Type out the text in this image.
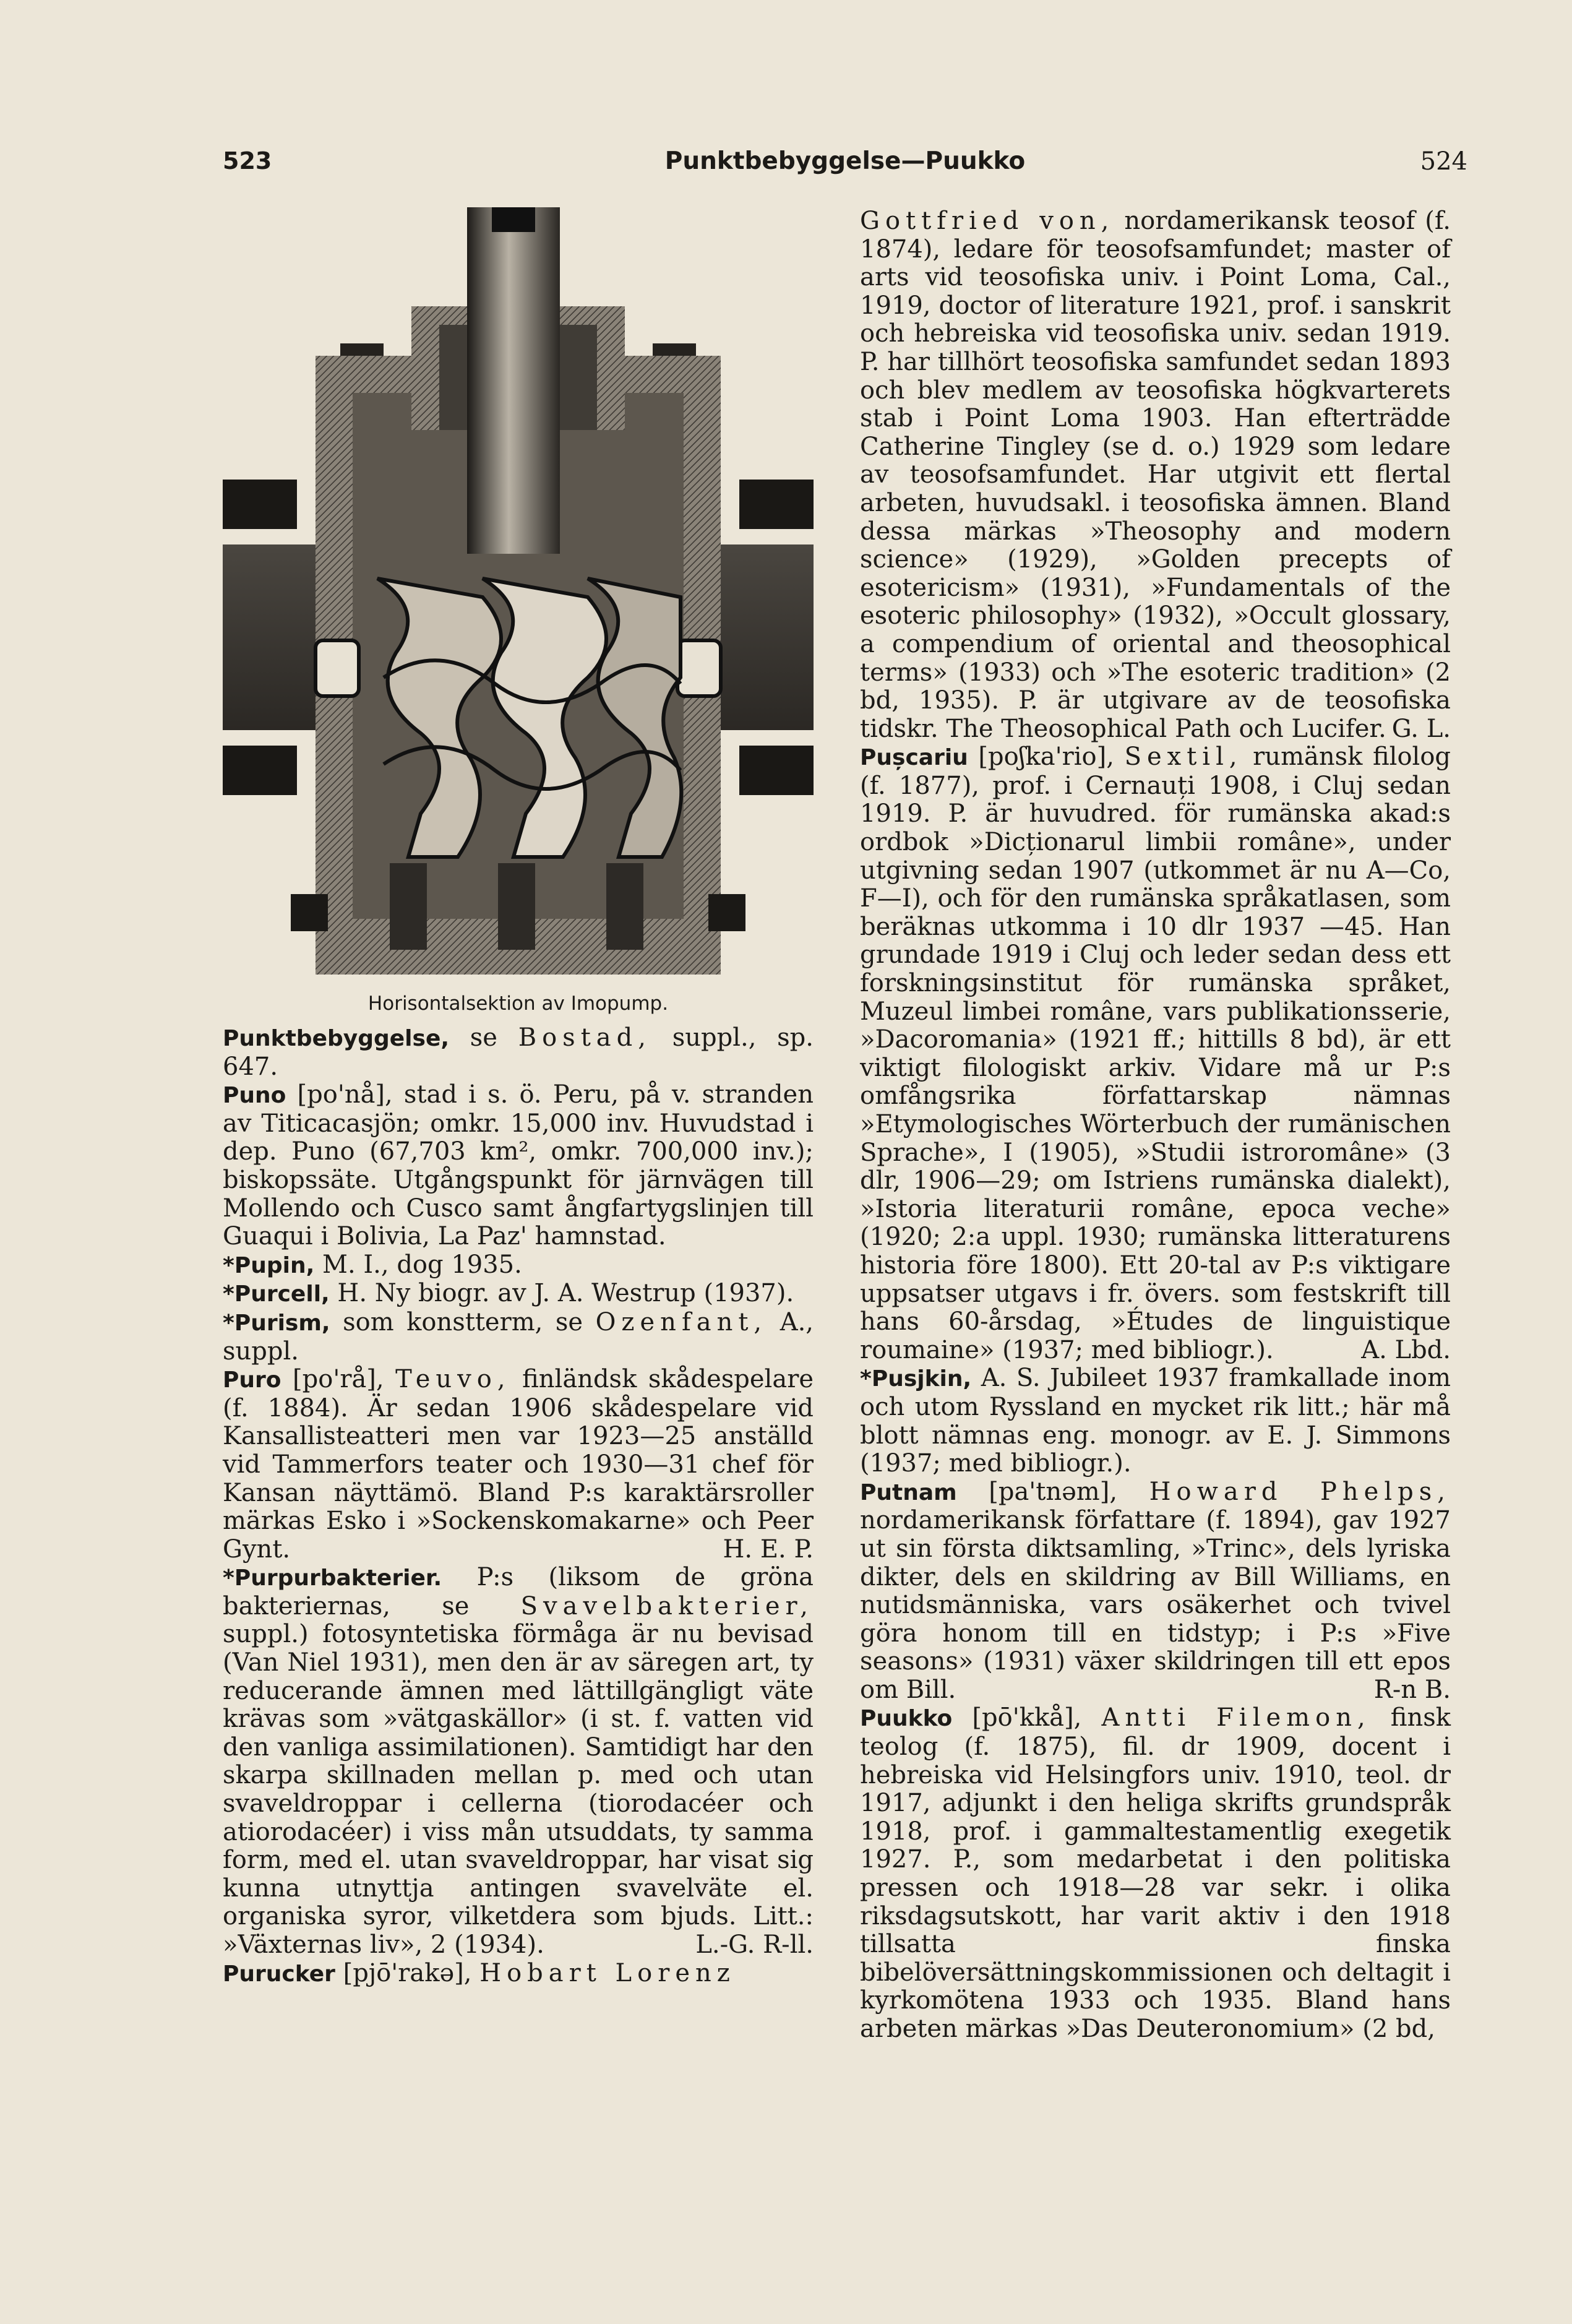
523	Punktbebyggelse—Puukko	524
Horisontalsektion av Imopump.

Punktbebyggelse, se Bostad, suppl., sp. 647.

Puno [po'nå], stad i s. ö. Peru, på v. stranden av Titicacasjön; omkr. 15,000 inv. Huvudstad i dep. Puno (67,703 km², omkr. 700,000 inv.); biskopssäte. Utgångspunkt för järnvägen till Mollendo och Cusco samt ångfartygslinjen till Guaqui i Bolivia, La Paz' hamnstad.

*Pupin, M. I., dog 1935.

*Purcell, H. Ny biogr. av J. A. Westrup (1937).

*Purism, som konstterm, se Ozenfant, A., suppl.

Puro [po'rå], Teuvo, finländsk skådespelare (f. 1884). Är sedan 1906 skådespelare vid Kansallisteatteri men var 1923—25 anställd vid Tammerfors teater och 1930—31 chef för Kansan näyttämö. Bland P:s karaktärsroller märkas Esko i »Sockenskomakarne» och Peer Gynt.	H. E. P.

*Purpurbakterier. P:s (liksom de gröna bakteriernas, se Svavelbakterier, suppl.) fotosyntetiska förmåga är nu bevisad (Van Niel 1931), men den är av säregen art, ty reducerande ämnen med lättillgängligt väte krävas som »vätgaskällor» (i st. f. vatten vid den vanliga assimilationen). Samtidigt har den skarpa skillnaden mellan p. med och utan svaveldroppar i cellerna (tiorodacéer och atiorodacéer) i viss mån utsuddats, ty samma form, med el. utan svaveldroppar, har visat sig kunna utnyttja antingen svavelväte el. organiska syror, vilketdera som bjuds. Litt.: »Växternas liv», 2 (1934).	L.-G. R-ll.

Purucker [pjō'rakə], Hobart Lorenz

Gottfried von, nordamerikansk teosof (f. 1874), ledare för teosofsamfundet; master of arts vid teosofiska univ. i Point Loma, Cal., 1919, doctor of literature 1921, prof. i sanskrit och hebreiska vid teosofiska univ. sedan 1919. P. har tillhört teosofiska samfundet sedan 1893 och blev medlem av teosofiska högkvarterets stab i Point Loma 1903. Han efterträdde Catherine Tingley (se d. o.) 1929 som ledare av teosofsamfundet. Har utgivit ett flertal arbeten, huvudsakl. i teosofiska ämnen. Bland dessa märkas »Theosophy and modern science» (1929), »Golden precepts of esotericism» (1931), »Fundamentals of the esoteric philosophy» (1932), »Occult glossary, a compendium of oriental and theosophical terms» (1933) och »The esoteric tradition» (2 bd, 1935). P. är utgivare av de teosofiska tidskr. The Theosophical Path och Lucifer. G. L.

Pușcariu [poʃka'rio], Sextil, rumänsk filolog (f. 1877), prof. i Cernauți 1908, i Cluj sedan 1919. P. är huvudred. för rumänska akad:s ordbok »Dicționarul limbii române», under utgivning sedan 1907 (utkommet är nu A—Co, F—I), och för den rumänska språkatlasen, som beräknas utkomma i 10 dlr 1937 —45. Han grundade 1919 i Cluj och leder sedan dess ett forskningsinstitut för rumänska språket, Muzeul limbei române, vars publikationsserie, »Dacoromania» (1921 ff.; hittills 8 bd), är ett viktigt filologiskt arkiv. Vidare må ur P:s omfångsrika författarskap nämnas »Etymologisches Wörterbuch der rumänischen Sprache», I (1905), »Studii istroromâne» (3 dlr, 1906—29; om Istriens rumänska dialekt), »Istoria literaturii române, epoca veche» (1920; 2:a uppl. 1930; rumänska litteraturens historia före 1800). Ett 20-tal av P:s viktigare uppsatser utgavs i fr. övers. som festskrift till hans 60-årsdag, »Études de linguistique roumaine» (1937; med bibliogr.).	A. Lbd.

*Pusjkin, A. S. Jubileet 1937 framkallade inom och utom Ryssland en mycket rik litt.; här må blott nämnas eng. monogr. av E. J. Simmons (1937; med bibliogr.).

Putnam [pa'tnəm], Howard Phelps, nordamerikansk författare (f. 1894), gav 1927 ut sin första diktsamling, »Trinc», dels lyriska dikter, dels en skildring av Bill Williams, en nutidsmänniska, vars osäkerhet och tvivel göra honom till en tidstyp; i P:s »Five seasons» (1931) växer skildringen till ett epos om Bill.	R-n B.

Puukko [pō'kkå], Antti Filemon, finsk teolog (f. 1875), fil. dr 1909, docent i hebreiska vid Helsingfors univ. 1910, teol. dr 1917, adjunkt i den heliga skrifts grundspråk 1918, prof. i gammaltestamentlig exegetik 1927. P., som medarbetat i den politiska pressen och 1918—28 var sekr. i olika riksdagsutskott, har varit aktiv i den 1918 tillsatta finska bibelöversättningskommissionen och deltagit i kyrkomötena 1933 och 1935. Bland hans arbeten märkas »Das Deuteronomium» (2 bd,
